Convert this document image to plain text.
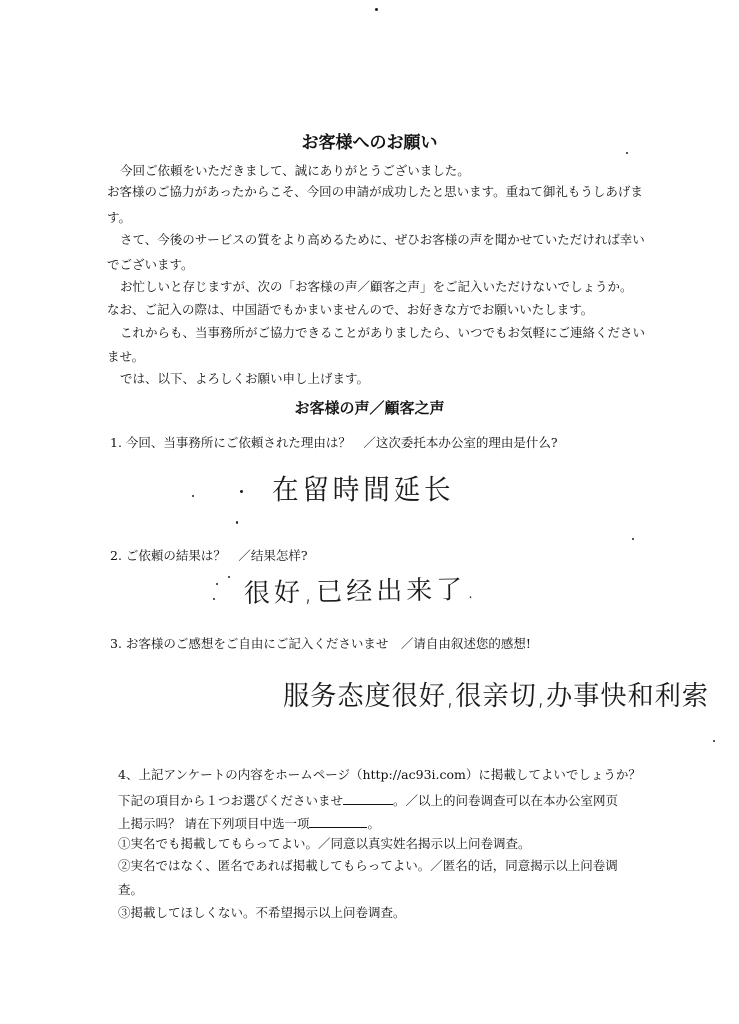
お客様へのお願い
今回ご依頼をいただきまして、誠にありがとうございました。
お客様のご協力があったからこそ、今回の申請が成功したと思います。重ねて御礼もうしあげま
す。
さて、今後のサービスの質をより高めるために、ぜひお客様の声を聞かせていただければ幸い
でございます。
お忙しいと存じますが、次の「お客様の声／顧客之声」をご記入いただけないでしょうか。
なお、ご記入の際は、中国語でもかまいませんので、お好きな方でお願いいたします。
これからも、当事務所がご協力できることがありましたら、いつでもお気軽にご連絡ください
ませ。
では、以下、よろしくお願い申し上げます。
お客様の声／顧客之声
1. 今回、当事務所にご依頼された理由は？　／这次委托本办公室的理由是什么?
在留時間延长
2. ご依頼の結果は？　／结果怎样?
很好,已经出来了.
3. お客様のご感想をご自由にご記入くださいませ　／请自由叙述您的感想!
服务态度很好,很亲切,办事快和利索
4、上記アンケートの内容をホームページ（http://ac93i.com）に掲載してよいでしょうか？
下記の項目から１つお選びくださいませ	。／以上的问卷调查可以在本办公室网页
上掲示吗？ 请在下列项目中选一项	。
①実名でも掲載してもらってよい。／同意以真实姓名揭示以上问卷调查。
②実名ではなく、匿名であれば掲載してもらってよい。／匿名的话，同意揭示以上问卷调
查。
③掲載してほしくない。不希望揭示以上问卷调查。
